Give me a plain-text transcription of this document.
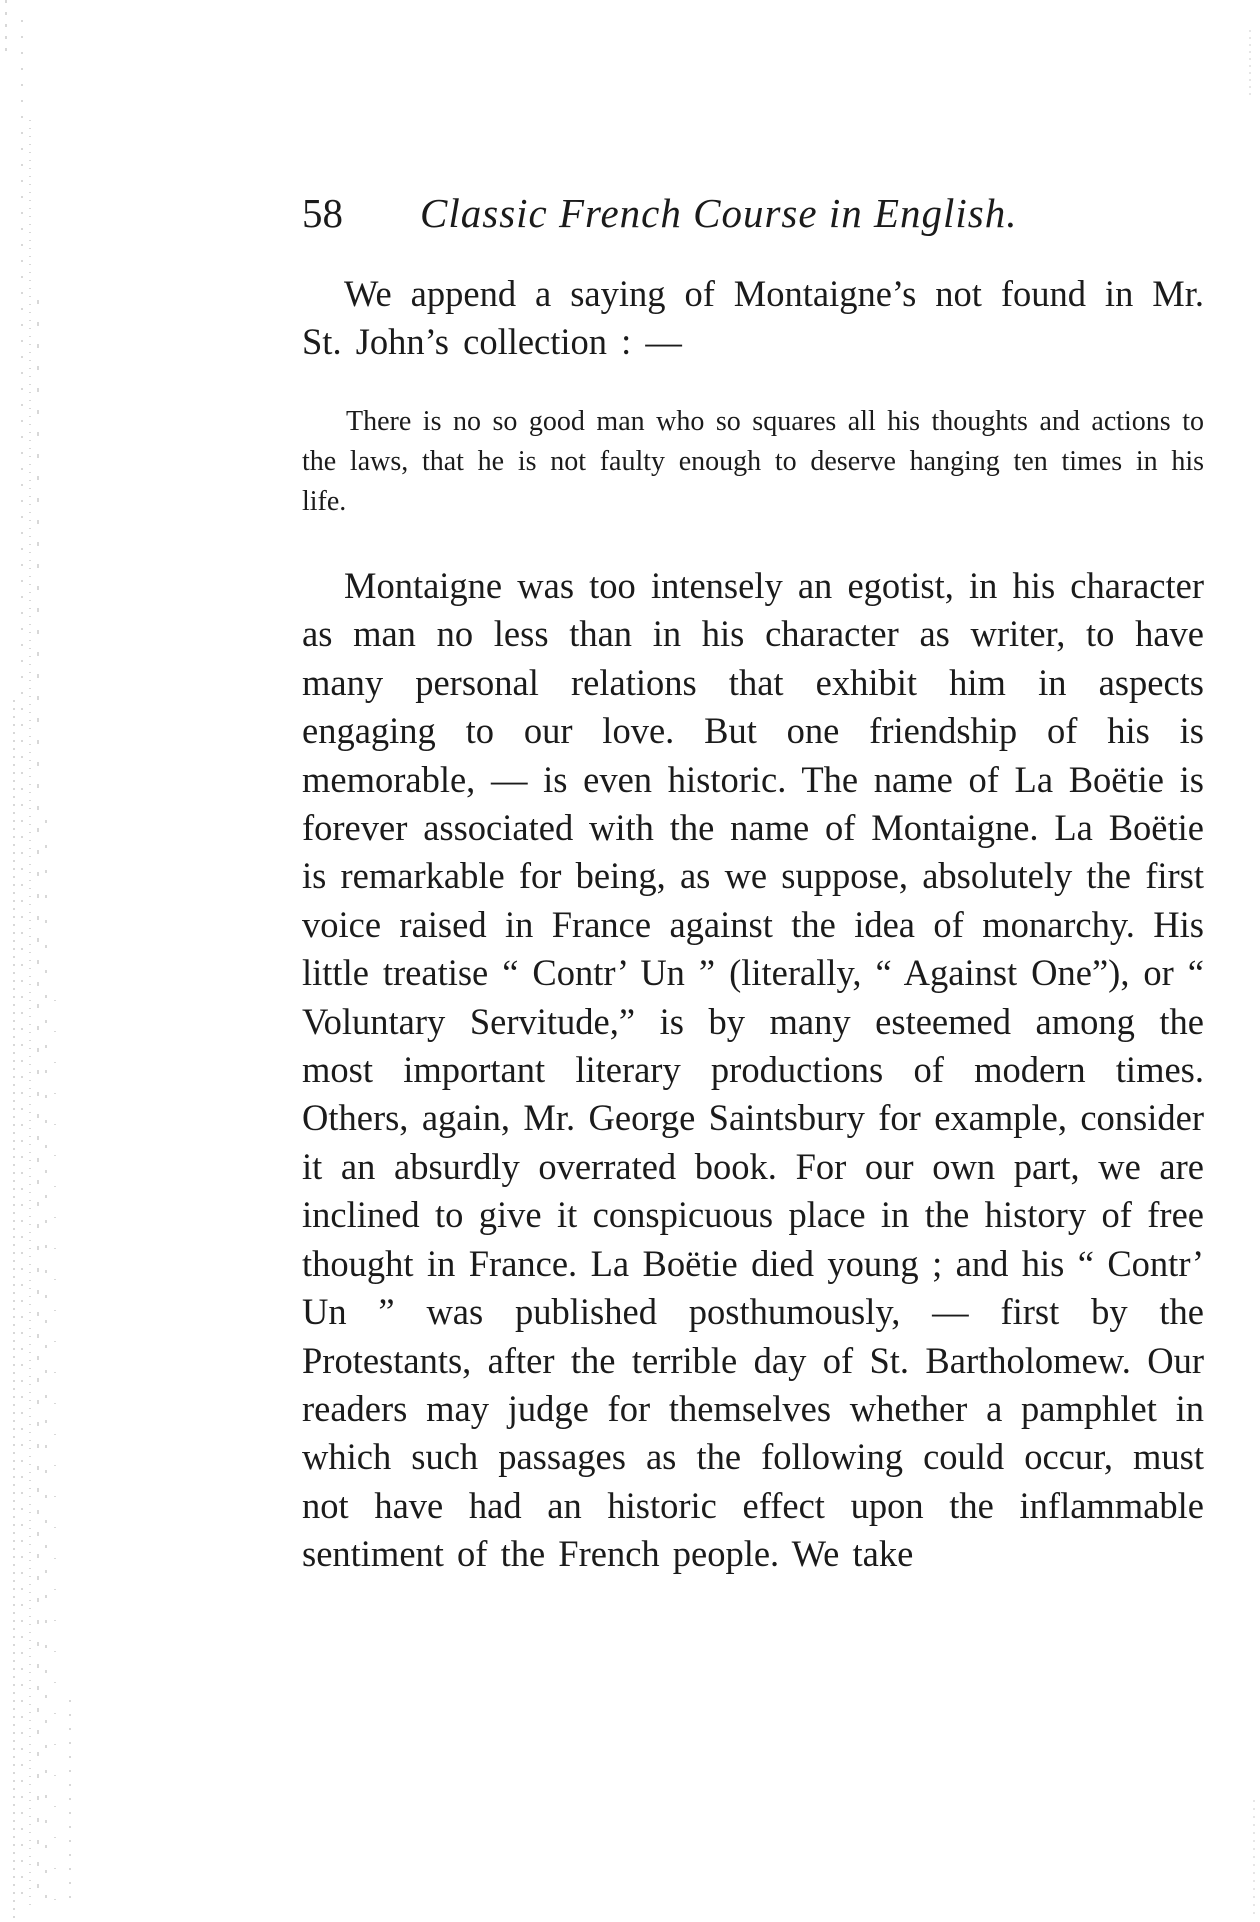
58 Classic French Course in English.

We append a saying of Montaigne’s not found in Mr. St. John’s collection : —

There is no so good man who so squares all his thoughts and actions to the laws, that he is not faulty enough to deserve hanging ten times in his life.

Montaigne was too intensely an egotist, in his character as man no less than in his character as writer, to have many personal relations that exhibit him in aspects engaging to our love. But one friendship of his is memorable, — is even historic. The name of La Boëtie is forever associated with the name of Montaigne. La Boëtie is remarkable for being, as we suppose, absolutely the first voice raised in France against the idea of monarchy. His little treatise “ Contr’ Un ” (literally, “ Against One”), or “ Voluntary Servitude,” is by many esteemed among the most important literary productions of modern times. Others, again, Mr. George Saintsbury for example, consider it an absurdly overrated book. For our own part, we are inclined to give it conspicuous place in the history of free thought in France. La Boëtie died young ; and his “ Contr’ Un ” was published posthumously, — first by the Protestants, after the terrible day of St. Bartholomew. Our readers may judge for themselves whether a pamphlet in which such passages as the following could occur, must not have had an historic effect upon the inflammable sentiment of the French people. We take
